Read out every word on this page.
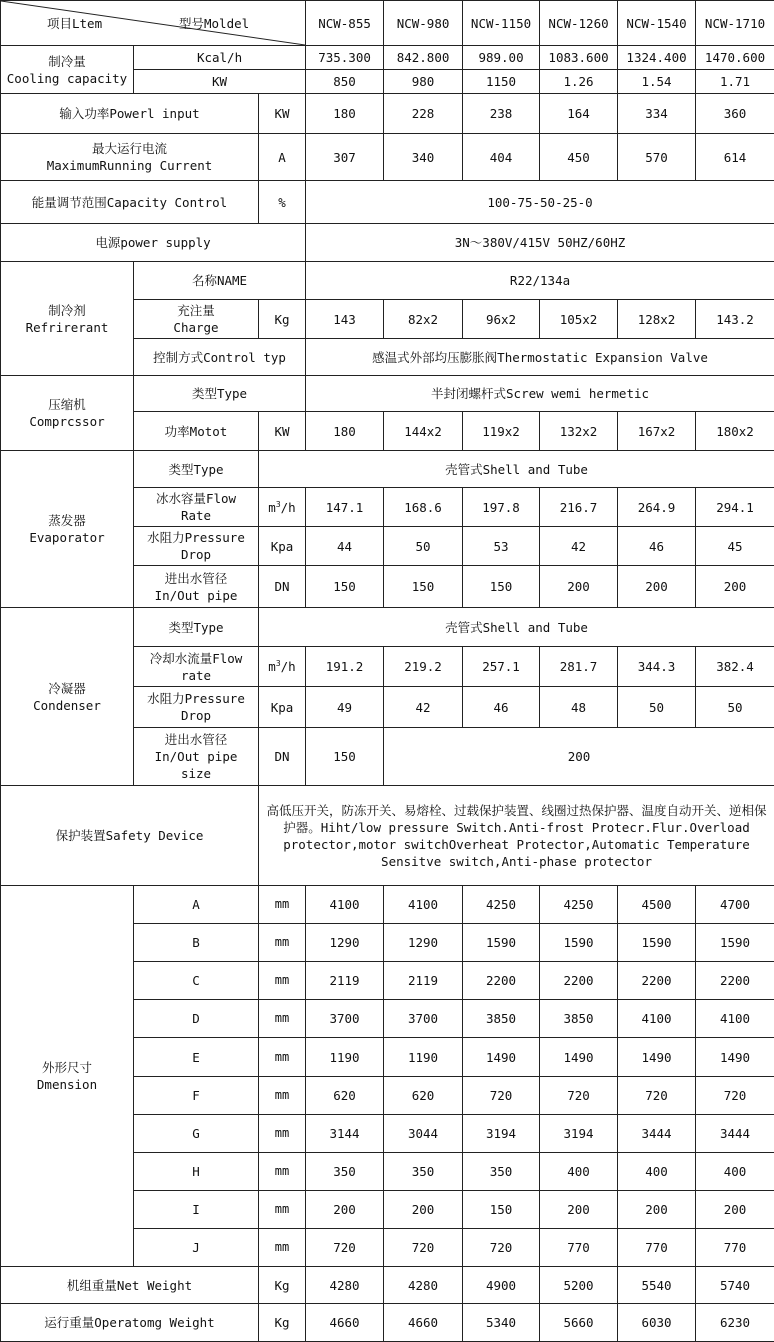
项目Ltem 型号Moldel			NCW-855	NCW-980	NCW-1150	NCW-1260	NCW-1540	NCW-1710
制冷量
Cooling capacity	Kcal/h		735.300	842.800	989.00	1083.600	1324.400	1470.600
	KW		850	980	1150	1.26	1.54	1.71
输入功率Powerl input		KW	180	228	238	164	334	360
最大运行电流
MaximumRunning Current		A	307	340	404	450	570	614
能量调节范围Capacity Control		%	100-75-50-25-0					
电源power supply			3N～380V/415V 50HZ/60HZ					
制冷剂
Refrirerant	名称NAME		R22/134a					
	充注量
Charge	Kg	143	82x2	96x2	105x2	128x2	143.2
	控制方式Control typ		感温式外部均压膨胀阀Thermostatic Expansion Valve					
压缩机
Comprcssor	类型Type		半封闭螺杆式Screw wemi hermetic					
	功率Motot	KW	180	144x2	119x2	132x2	167x2	180x2
蒸发器
Evaporator	类型Type	壳管式Shell and Tube						
	冰水容量Flow
Rate	$m^3/h$	147.1	168.6	197.8	216.7	264.9	294.1
	水阻力Pressure
Drop	Kpa	44	50	53	42	46	45
	进出水管径
In/Out pipe	DN	150	150	150	200	200	200
冷凝器
Condenser	类型Type	壳管式Shell and Tube						
	冷却水流量Flow
rate	$m^3/h$	191.2	219.2	257.1	281.7	344.3	382.4
	水阻力Pressure
Drop	Kpa	49	42	46	48	50	50
	进出水管径
In/Out pipe
size	DN	150	200				
保护装置Safety Device		高低压开关，防冻开关、易熔栓、过载保护装置、线圈过热保护器、温度自动开关、逆相保护器。Hiht/low pressure Switch.Anti-frost Protecr.Flur.Overload protector,motor switchOverheat Protector,Automatic Temperature Sensitve switch,Anti-phase protector						
外形尺寸
Dmension	A	mm	4100	4100	4250	4250	4500	4700
	B	mm	1290	1290	1590	1590	1590	1590
	C	mm	2119	2119	2200	2200	2200	2200
	D	mm	3700	3700	3850	3850	4100	4100
	E	mm	1190	1190	1490	1490	1490	1490
	F	mm	620	620	720	720	720	720
	G	mm	3144	3044	3194	3194	3444	3444
	H	mm	350	350	350	400	400	400
	I	mm	200	200	150	200	200	200
	J	mm	720	720	720	770	770	770
机组重量Net Weight		Kg	4280	4280	4900	5200	5540	5740
运行重量Operatomg Weight		Kg	4660	4660	5340	5660	6030	6230
